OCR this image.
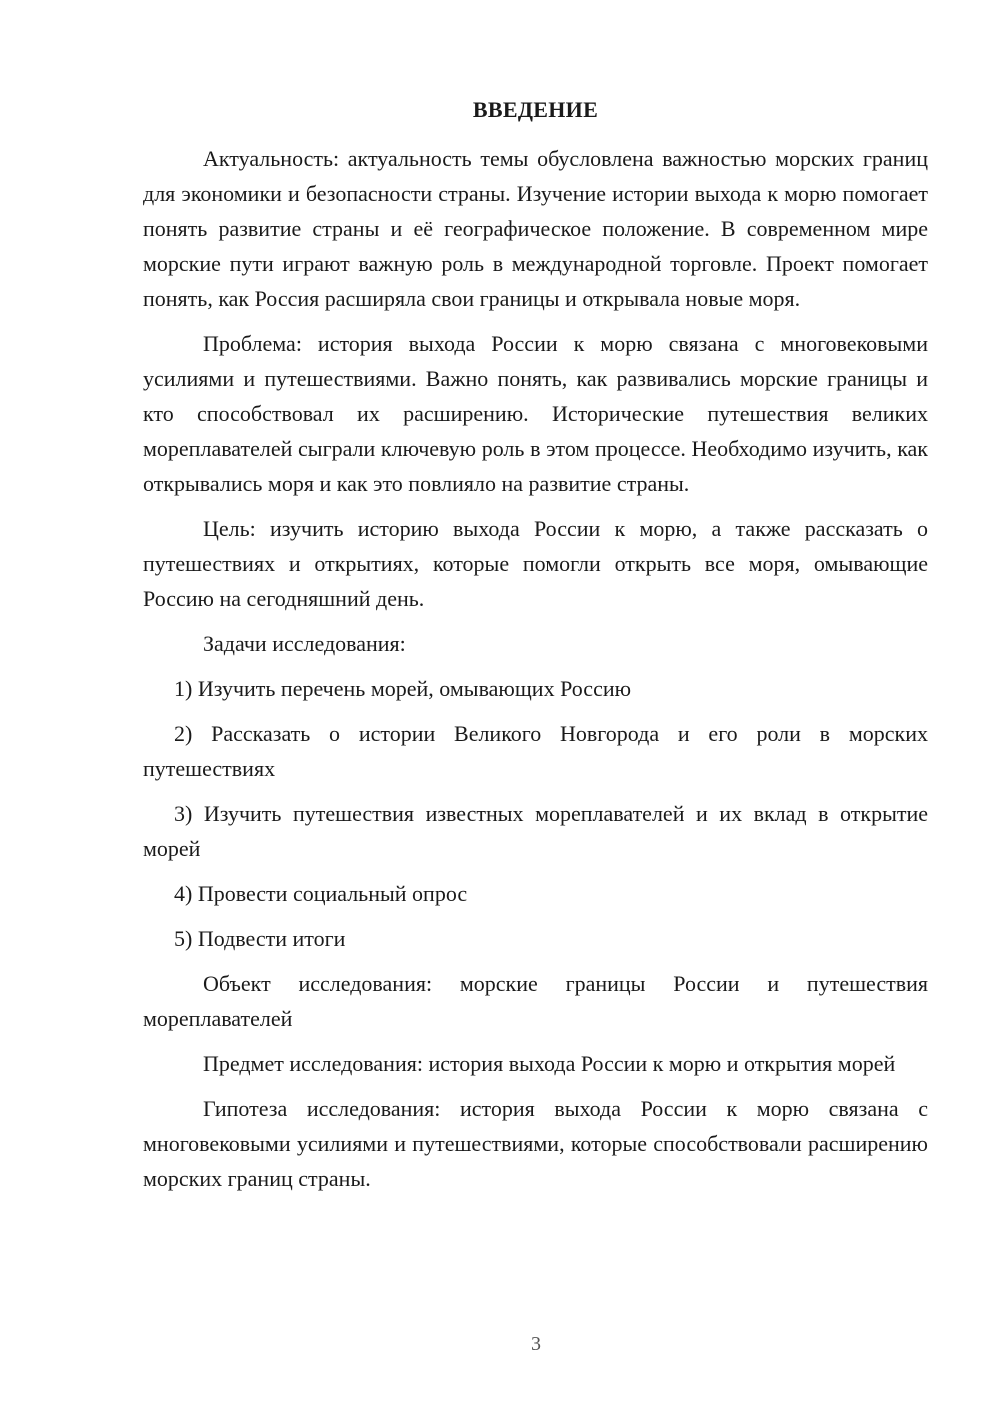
ВВЕДЕНИЕ

Актуальность: актуальность темы обусловлена важностью морских границ для экономики и безопасности страны. Изучение истории выхода к морю помогает понять развитие страны и её географическое положение. В современном мире морские пути играют важную роль в международной торговле. Проект помогает понять, как Россия расширяла свои границы и открывала новые моря.

Проблема: история выхода России к морю связана с многовековыми усилиями и путешествиями. Важно понять, как развивались морские границы и кто способствовал их расширению. Исторические путешествия великих мореплавателей сыграли ключевую роль в этом процессе. Необходимо изучить, как открывались моря и как это повлияло на развитие страны.

Цель: изучить историю выхода России к морю, а также рассказать о путешествиях и открытиях, которые помогли открыть все моря, омывающие Россию на сегодняшний день.

Задачи исследования:

1) Изучить перечень морей, омывающих Россию

2) Рассказать о истории Великого Новгорода и его роли в морских путешествиях

3) Изучить путешествия известных мореплавателей и их вклад в открытие морей

4) Провести социальный опрос

5) Подвести итоги

Объект исследования: морские границы России и путешествия мореплавателей

Предмет исследования: история выхода России к морю и открытия морей

Гипотеза исследования: история выхода России к морю связана с многовековыми усилиями и путешествиями, которые способствовали расширению морских границ страны.

3
